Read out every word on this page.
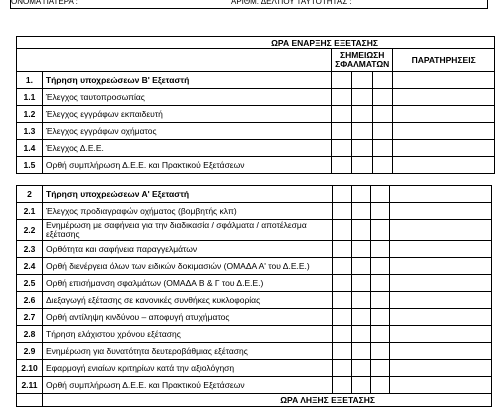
ΟΝΟΜΑ ΠΑΤΕΡΑ :	ΑΡΙΘΜ. ΔΕΛΤΙΟΥ ΤΑΥΤΟΤΗΤΑΣ :
ΩΡΑ ΕΝΑΡΞΗΣ ΕΞΕΤΑΣΗΣ					
		ΣΗΜΕΙΩΣΗ ΣΦΑΛΜΑΤΩΝ			ΠΑΡΑΤΗΡΗΣΕΙΣ
1.	Τήρηση υποχρεώσεων Β' Εξεταστή				
1.1	Έλεγχος ταυτοπροσωπίας				
1.2	Έλεγχος εγγράφων εκπαιδευτή				
1.3	Έλεγχος εγγράφων οχήματος				
1.4	Έλεγχος Δ.Ε.Ε.				
1.5	Ορθή συμπλήρωση Δ.Ε.Ε. και Πρακτικού Εξετάσεων				
2	Τήρηση υποχρεώσεων Α' Εξεταστή				
2.1	Έλεγχος προδιαγραφών οχήματος (βομβητής κλπ)				
2.2	Ενημέρωση με σαφήνεια για την διαδικασία / σφάλματα / αποτέλεσμα εξέτασης				
2.3	Ορθότητα και σαφήνεια παραγγελμάτων				
2.4	Ορθή διενέργεια όλων των ειδικών δοκιμασιών (ΟΜΑΔΑ Α' του Δ.Ε.Ε.)				
2.5	Ορθή επισήμανση σφαλμάτων (ΟΜΑΔΑ Β & Γ του Δ.Ε.Ε.)				
2.6	Διεξαγωγή εξέτασης σε κανονικές συνθήκες κυκλοφορίας				
2.7	Ορθή αντίληψη κινδύνου – αποφυγή ατυχήματος				
2.8	Τήρηση ελάχιστου χρόνου εξέτασης				
2.9	Ενημέρωση για δυνατότητα δευτεροβάθμιας εξέτασης				
2.10	Εφαρμογή ενιαίων κριτηρίων κατά την αξιολόγηση				
2.11	Ορθή συμπλήρωση Δ.Ε.Ε. και Πρακτικού Εξετάσεων				
	ΩΡΑ ΛΗΞΗΣ ΕΞΕΤΑΣΗΣ				
